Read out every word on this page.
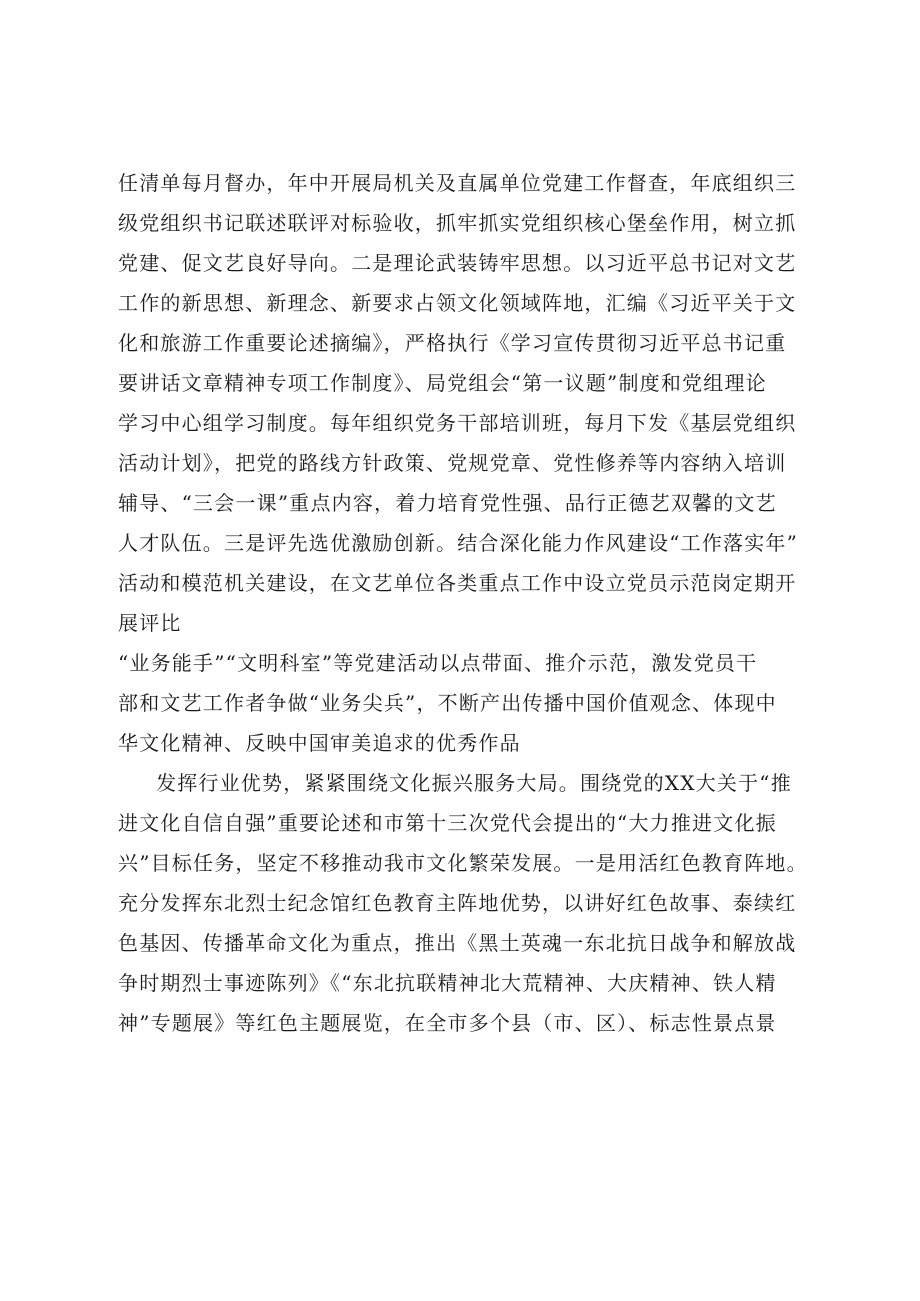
任清单每月督办，年中开展局机关及直属单位党建工作督查，年底组织三
级党组织书记联述联评对标验收，抓牢抓实党组织核心堡垒作用，树立抓
党建、促文艺良好导向。二是理论武装铸牢思想。以习近平总书记对文艺
工作的新思想、新理念、新要求占领文化领域阵地，汇编《习近平关于文
化和旅游工作重要论述摘编》，严格执行《学习宣传贯彻习近平总书记重
要讲话文章精神专项工作制度》、局党组会“第一议题”制度和党组理论
学习中心组学习制度。每年组织党务干部培训班，每月下发《基层党组织
活动计划》，把党的路线方针政策、党规党章、党性修养等内容纳入培训
辅导、“三会一课”重点内容，着力培育党性强、品行正德艺双馨的文艺
人才队伍。三是评先选优激励创新。结合深化能力作风建设“工作落实年”
活动和模范机关建设，在文艺单位各类重点工作中设立党员示范岗定期开
展评比
“业务能手”“文明科室”等党建活动以点带面、推介示范，激发党员干
部和文艺工作者争做“业务尖兵”，不断产出传播中国价值观念、体现中
华文化精神、反映中国审美追求的优秀作品
发挥行业优势，紧紧围绕文化振兴服务大局。围绕党的XX大关于“推
进文化自信自强”重要论述和市第十三次党代会提出的“大力推进文化振
兴”目标任务，坚定不移推动我市文化繁荣发展。一是用活红色教育阵地。
充分发挥东北烈士纪念馆红色教育主阵地优势，以讲好红色故事、泰续红
色基因、传播革命文化为重点，推出《黑土英魂一东北抗日战争和解放战
争时期烈士事迹陈列》《“东北抗联精神北大荒精神、大庆精神、铁人精
神”专题展》等红色主题展览，在全市多个县（市、区）、标志性景点景
